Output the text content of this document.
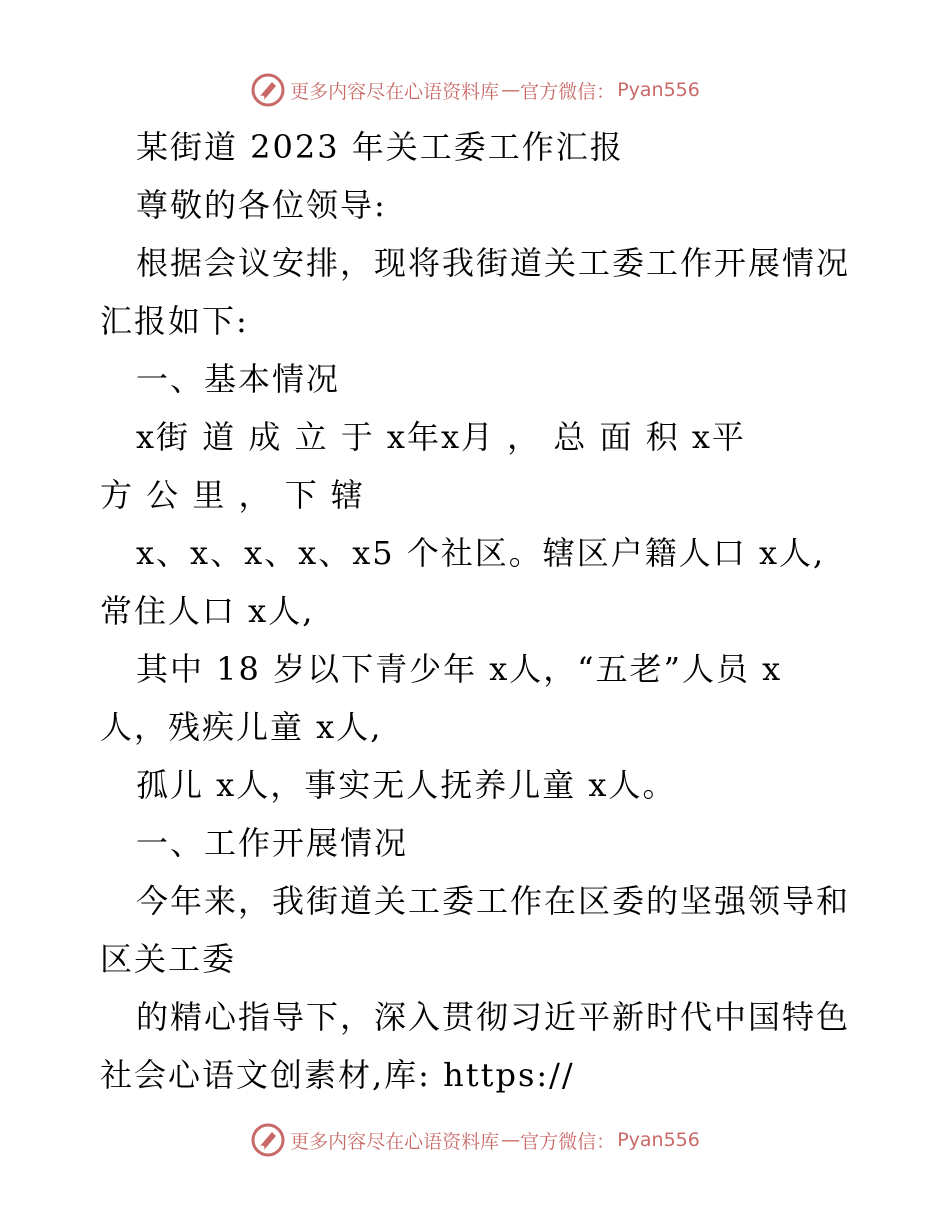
更多内容尽在心语资料库 — 官方微信： Pyan556
某街道 2023 年关工委工作汇报
尊敬的各位领导:
根据会议安排，现将我街道关工委工作开展情况
汇报如下:
一、基本情况
x街 道 成 立 于 x年x月 ， 总 面 积 x平
方 公 里 ， 下 辖
x、x、x、x、x5 个社区。辖区户籍人口 x人,
常住人口 x人,
其中 18 岁以下青少年 x人，“五老”人员 x
人，残疾儿童 x人,
孤儿 x人，事实无人抚养儿童 x人。
一、工作开展情况
今年来，我街道关工委工作在区委的坚强领导和
区关工委
的精心指导下，深入贯彻习近平新时代中国特色
社会心语文创素材,库: https://
更多内容尽在心语资料库 — 官方微信： Pyan556
